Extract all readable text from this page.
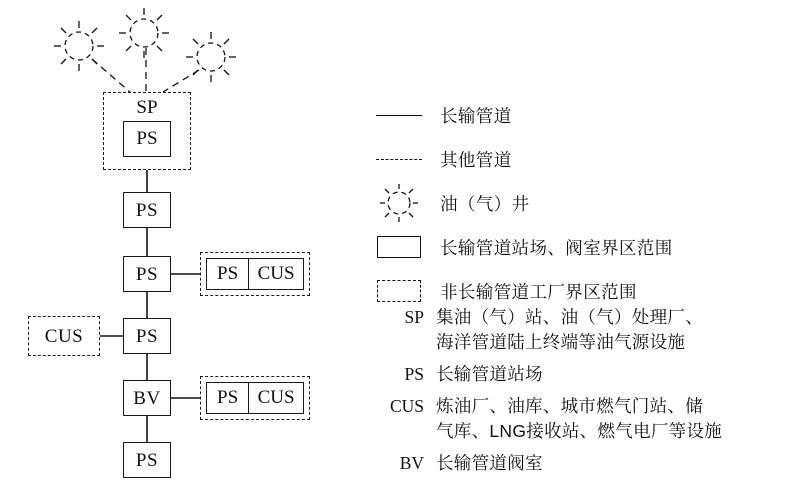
SP
PS
PS
PS
PS
BV
PS
CUS
PS	CUS
PS	CUS
长输管道
其他管道
油（气）井
长输管道站场、阀室界区范围
非长输管道工厂界区范围
SP 集油（气）站、油（气）处理厂、
海洋管道陆上终端等油气源设施
PS 长输管道站场
CUS 炼油厂、油库、城市燃气门站、储
气库、LNG接收站、燃气电厂等设施
BV 长输管道阀室
